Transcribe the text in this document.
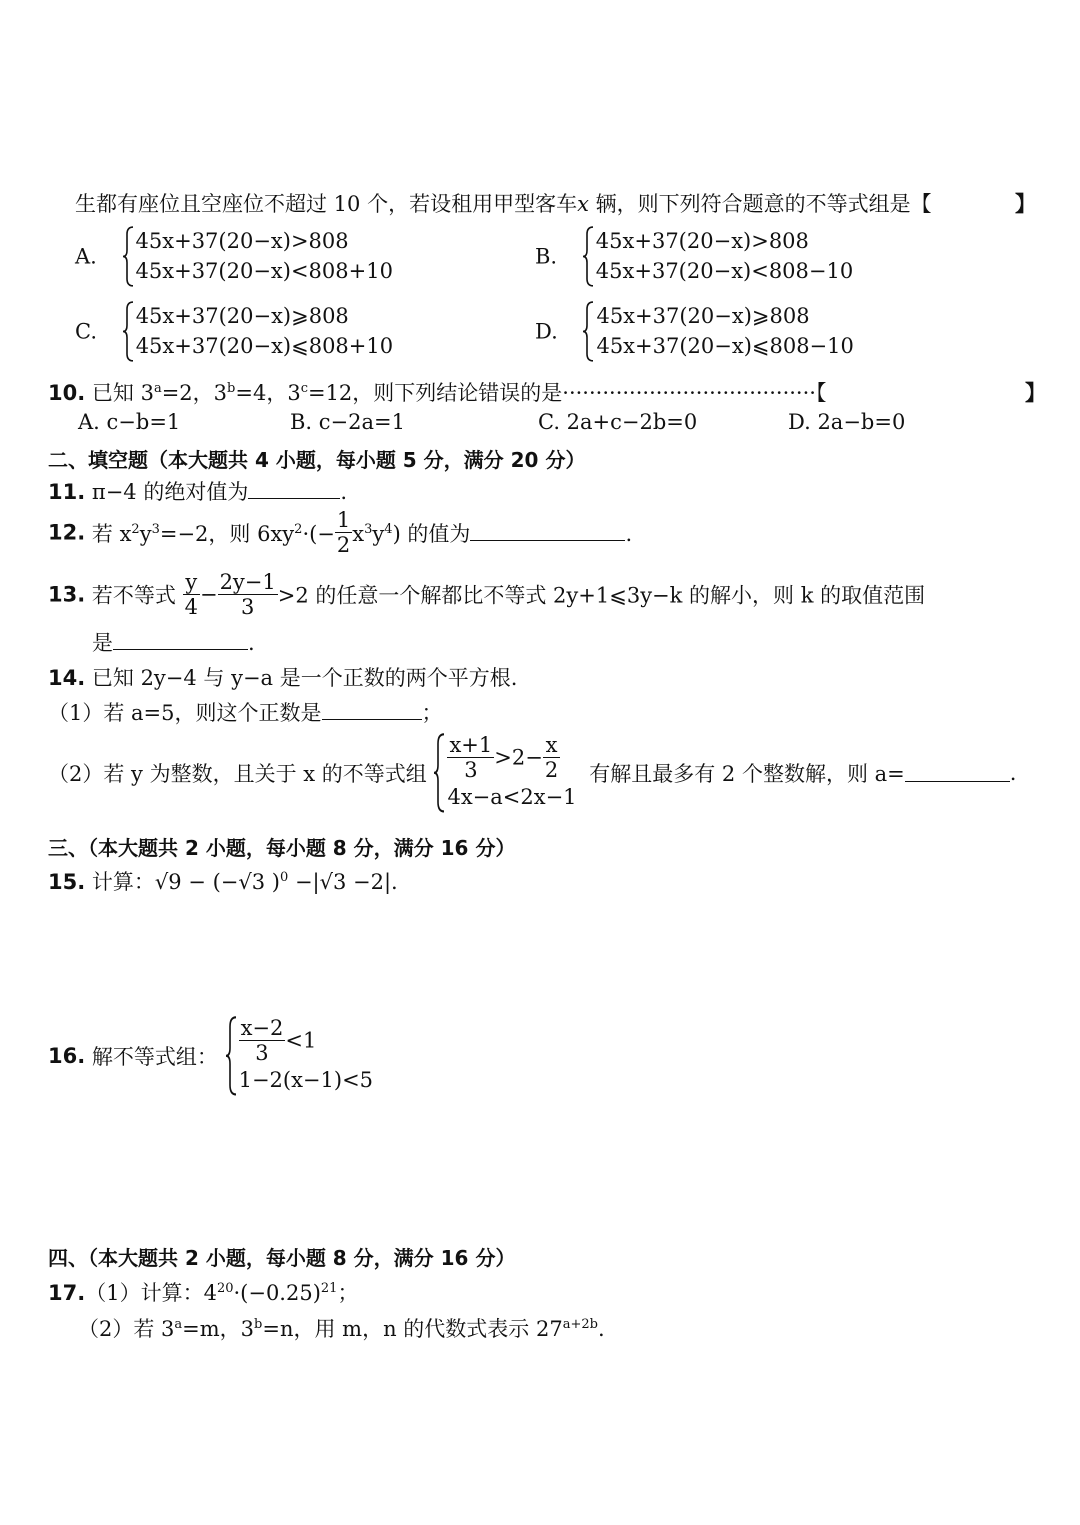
生都有座位且空座位不超过 10 个，若设租用甲型客车x 辆，则下列符合题意的不等式组是【	】
A.
45x+37(20−x)>808
45x+37(20−x)<808+10
B.
45x+37(20−x)>808
45x+37(20−x)<808−10
C.
45x+37(20−x)⩾808
45x+37(20−x)⩽808+10
D.
45x+37(20−x)⩾808
45x+37(20−x)⩽808−10
10. 已知 $3^a=2$，$3^b=4$，$3^c=12$，则下列结论错误的是······································【	】
A. c−b=1	B. c−2a=1	C. 2a+c−2b=0	D. 2a−b=0
二、填空题（本大题共 4 小题，每小题 5 分，满分 20 分）
11. π−4 的绝对值为	.
12. 若 $x^2y^3=-2$，则 $6xy^2\cdot(- \frac{1}{2} x^3y^4)$ 的值为	.
13. 若不等式 $\frac{y}{4} - \frac{2y-1}{3} >2$ 的任意一个解都比不等式 2y+1⩽3y−k 的解小，则 k 的取值范围
是	.
14. 已知 2y−4 与 y−a 是一个正数的两个平方根.
（1）若 a=5，则这个正数是	；
（2）若 y 为整数，且关于 x 的不等式组 $\frac{x+1}{3} >2- \frac{x}{2}$
4x−a<2x−1
有解且最多有 2 个整数解，则 a=	.
三、（本大题共 2 小题，每小题 8 分，满分 16 分）
15. 计算：√9 − (−√3 )$^0$ −|√3 −2|.
16. 解不等式组： $\frac{x-2}{3} <1$
1−2(x−1)<5
四、（本大题共 2 小题，每小题 8 分，满分 16 分）
17.（1）计算：$4^{20}\cdot(-0.25)^{21}$；
（2）若 $3^a=m$，$3^b=n$，用 m，n 的代数式表示 $27^{a+2b}$.
